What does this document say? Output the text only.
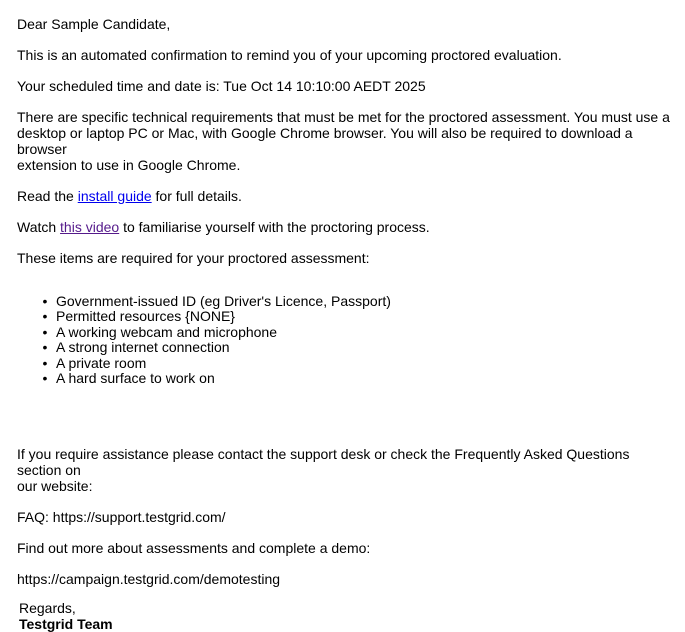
Dear Sample Candidate,

This is an automated confirmation to remind you of your upcoming proctored evaluation.

Your scheduled time and date is: Tue Oct 14 10:10:00 AEDT 2025

There are specific technical requirements that must be met for the proctored assessment. You must use a

desktop or laptop PC or Mac, with Google Chrome browser. You will also be required to download a browser

extension to use in Google Chrome.

Read the install guide for full details.

Watch this video to familiarise yourself with the proctoring process.

These items are required for your proctored assessment:

• Government-issued ID (eg Driver's Licence, Passport)
• Permitted resources {NONE}
• A working webcam and microphone
• A strong internet connection
• A private room
• A hard surface to work on

If you require assistance please contact the support desk or check the Frequently Asked Questions section on

our website:

FAQ: https://support.testgrid.com/

Find out more about assessments and complete a demo:

https://campaign.testgrid.com/demotesting

Regards,

Testgrid Team
